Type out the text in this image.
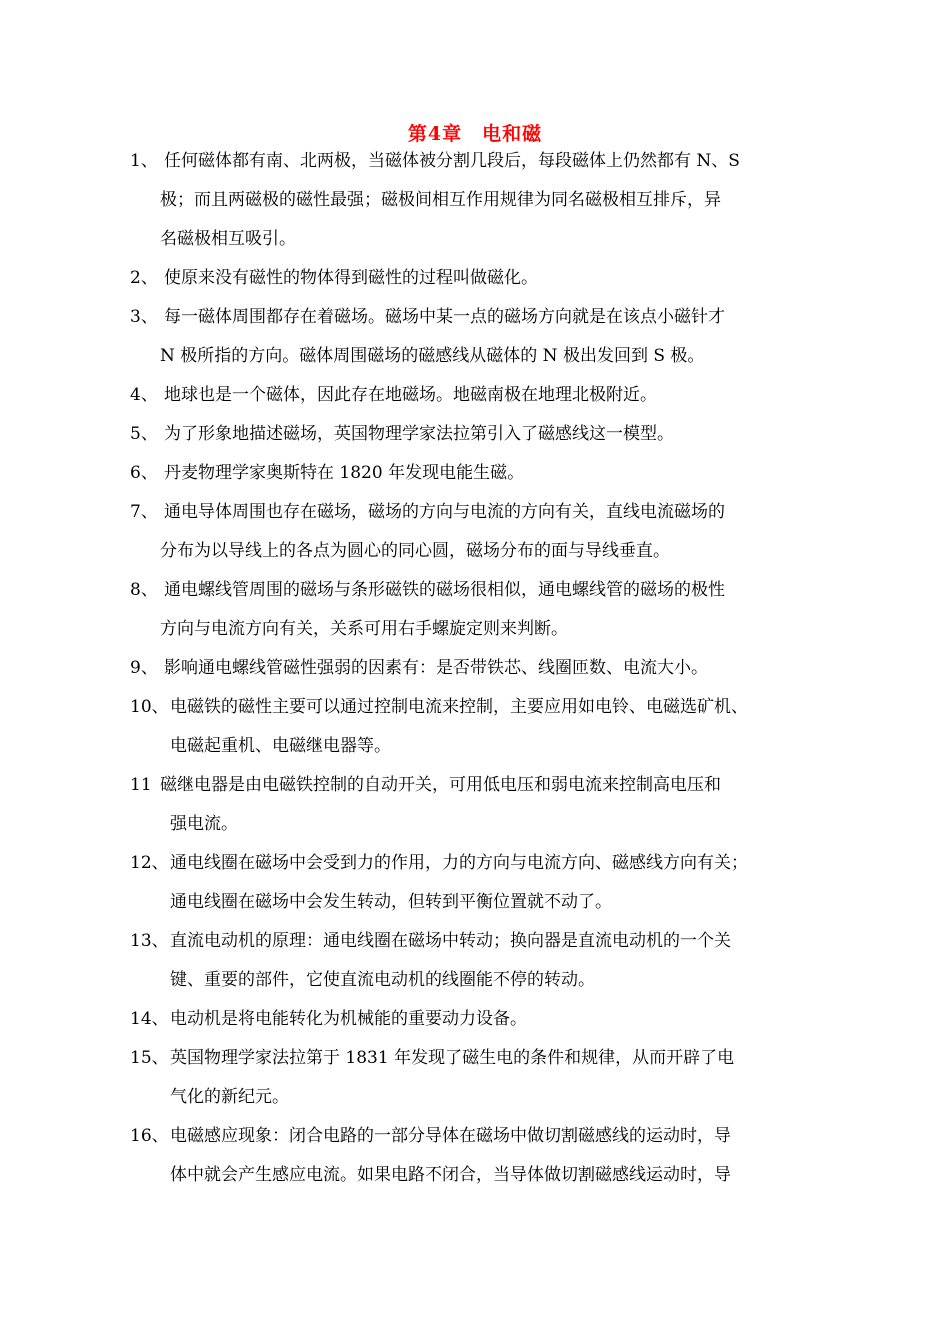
第4章　电和磁
1、 任何磁体都有南、北两极，当磁体被分割几段后，每段磁体上仍然都有 N、S
极；而且两磁极的磁性最强；磁极间相互作用规律为同名磁极相互排斥，异
名磁极相互吸引。
2、 使原来没有磁性的物体得到磁性的过程叫做磁化。
3、 每一磁体周围都存在着磁场。磁场中某一点的磁场方向就是在该点小磁针才
N 极所指的方向。磁体周围磁场的磁感线从磁体的 N 极出发回到 S 极。
4、 地球也是一个磁体，因此存在地磁场。地磁南极在地理北极附近。
5、 为了形象地描述磁场，英国物理学家法拉第引入了磁感线这一模型。
6、 丹麦物理学家奥斯特在 1820 年发现电能生磁。
7、 通电导体周围也存在磁场，磁场的方向与电流的方向有关，直线电流磁场的
分布为以导线上的各点为圆心的同心圆，磁场分布的面与导线垂直。
8、 通电螺线管周围的磁场与条形磁铁的磁场很相似，通电螺线管的磁场的极性
方向与电流方向有关，关系可用右手螺旋定则来判断。
9、 影响通电螺线管磁性强弱的因素有：是否带铁芯、线圈匝数、电流大小。
10、 电磁铁的磁性主要可以通过控制电流来控制，主要应用如电铃、电磁选矿机、
电磁起重机、电磁继电器等。
11 磁继电器是由电磁铁控制的自动开关，可用低电压和弱电流来控制高电压和
强电流。
12、 通电线圈在磁场中会受到力的作用，力的方向与电流方向、磁感线方向有关；
通电线圈在磁场中会发生转动，但转到平衡位置就不动了。
13、 直流电动机的原理：通电线圈在磁场中转动；换向器是直流电动机的一个关
键、重要的部件，它使直流电动机的线圈能不停的转动。
14、 电动机是将电能转化为机械能的重要动力设备。
15、 英国物理学家法拉第于 1831 年发现了磁生电的条件和规律，从而开辟了电
气化的新纪元。
16、 电磁感应现象：闭合电路的一部分导体在磁场中做切割磁感线的运动时，导
体中就会产生感应电流。如果电路不闭合，当导体做切割磁感线运动时，导
